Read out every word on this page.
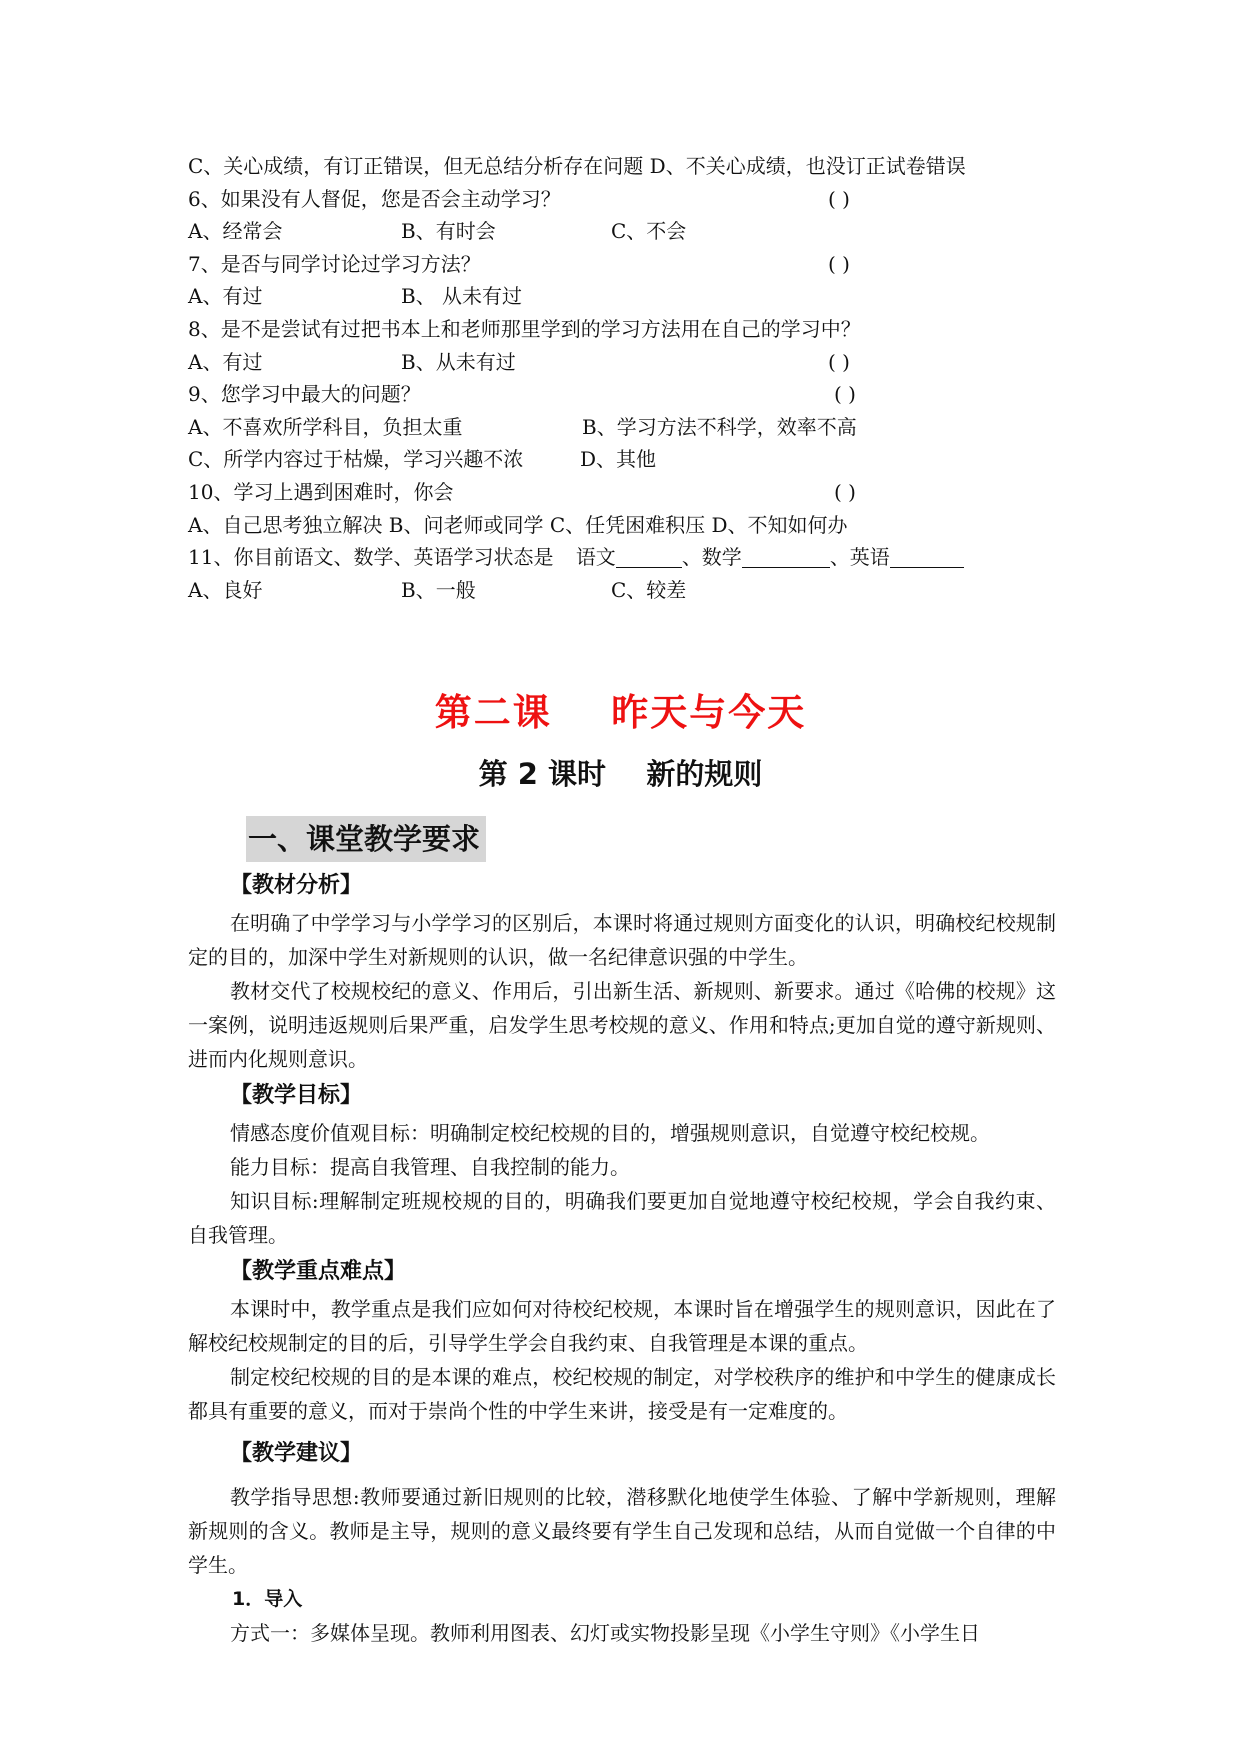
C、关心成绩，有订正错误，但无总结分析存在问题 D、不关心成绩，也没订正试卷错误
6、如果没有人督促，您是否会主动学习？	( )
A、经常会	B、有时会	C、不会
7、是否与同学讨论过学习方法？	( )
A、有过	B、 从未有过
8、是不是尝试有过把书本上和老师那里学到的学习方法用在自己的学习中？
A、有过	B、从未有过	( )
9、您学习中最大的问题？	( )
A、不喜欢所学科目，负担太重	B、学习方法不科学，效率不高
C、所学内容过于枯燥，学习兴趣不浓	D、其他
10、学习上遇到困难时，你会	( )
A、自己思考独立解决 B、问老师或同学 C、任凭困难积压 D、不知如何办
11、你目前语文、数学、英语学习状态是 语文	、数学	、英语
A、良好	B、一般	C、较差
第二课    昨天与今天
第 2 课时    新的规则
一、课堂教学要求
【教材分析】

在明确了中学学习与小学学习的区别后，本课时将通过规则方面变化的认识，明确校纪校规制定的目的，加深中学生对新规则的认识，做一名纪律意识强的中学生。

教材交代了校规校纪的意义、作用后，引出新生活、新规则、新要求。通过《哈佛的校规》这一案例，说明违返规则后果严重，启发学生思考校规的意义、作用和特点;更加自觉的遵守新规则、进而内化规则意识。

【教学目标】

情感态度价值观目标：明确制定校纪校规的目的，增强规则意识，自觉遵守校纪校规。

能力目标：提高自我管理、自我控制的能力。

知识目标:理解制定班规校规的目的，明确我们要更加自觉地遵守校纪校规，学会自我约束、自我管理。

【教学重点难点】

本课时中，教学重点是我们应如何对待校纪校规，本课时旨在增强学生的规则意识，因此在了解校纪校规制定的目的后，引导学生学会自我约束、自我管理是本课的重点。

制定校纪校规的目的是本课的难点，校纪校规的制定，对学校秩序的维护和中学生的健康成长都具有重要的意义，而对于崇尚个性的中学生来讲，接受是有一定难度的。

【教学建议】

教学指导思想:教师要通过新旧规则的比较，潜移默化地使学生体验、了解中学新规则，理解新规则的含义。教师是主导，规则的意义最终要有学生自己发现和总结，从而自觉做一个自律的中学生。

1．导入

方式一：多媒体呈现。教师利用图表、幻灯或实物投影呈现《小学生守则》《小学生日
